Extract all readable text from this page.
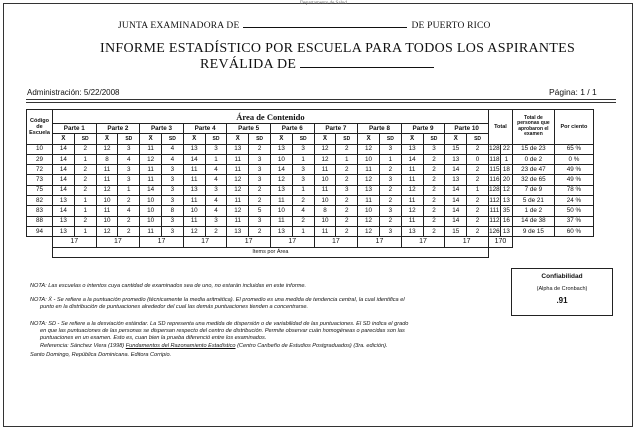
Departamento de Salud
JUNTA EXAMINADORA DE	DE PUERTO RICO
INFORME ESTADÍSTICO POR ESCUELA PARA TODOS LOS ASPIRANTES
REVÁLIDA DE
Administración: 5/22/2008	Página: 1 / 1
Código de Escuela	Área de Contenido																				Total		Total de personas que aprobaron el examen	Por ciento
	Parte 1		Parte 2		Parte 3		Parte 4		Parte 5		Parte 6		Parte 7		Parte 8		Parte 9		Parte 10					
	X̄	SD	X̄	SD	X̄	SD	X̄	SD	X̄	SD	X̄	SD	X̄	SD	X̄	SD	X̄	SD	X̄	SD				
10	14	2	12	3	11	4	13	3	13	2	13	3	12	2	12	3	13	3	15	2	128	22	15 de 23	65 %
29	14	1	8	4	12	4	14	1	11	3	10	1	12	1	10	1	14	2	13	0	118	1	0 de 2	0 %
72	14	2	11	3	11	3	11	4	11	3	14	3	11	2	11	2	11	2	14	2	115	18	23 de 47	49 %
73	14	2	11	3	11	3	11	4	12	3	12	3	10	2	12	3	11	2	13	2	116	20	32 de 65	49 %
75	14	2	12	1	14	3	13	3	12	2	13	1	11	3	13	2	12	2	14	1	128	12	7 de 9	78 %
82	13	1	10	2	10	3	11	4	11	2	11	2	10	2	11	2	11	2	14	2	112	13	5 de 21	24 %
83	14	1	11	4	10	8	10	4	12	5	10	4	8	2	10	3	12	2	14	2	111	35	1 de 2	50 %
88	13	2	10	2	10	3	11	3	11	3	11	2	10	2	12	2	11	2	14	2	112	16	14 de 38	37 %
94	13	1	12	2	11	3	12	2	13	2	13	1	11	2	12	3	13	2	15	2	126	13	9 de 15	60 %
	17		17		17		17		17		17		17		17		17		17		170			
	Items por Área																							
Confiabilidad
(Alpha de Cronbach)
.91
NOTA: Las escuelas o intentos cuya cantidad de examinados sea de uno, no estarán incluidas en este informe.
NOTA: X̄ - Se refiere a la puntuación promedio (técnicamente la media aritmética). El promedio es una medida de tendencia central, la cual identifica el
punto en la distribución de puntuaciones alrededor del cual las demás puntuaciones tienden a concentrarse.
NOTA: SD - Se refiere a la desviación estándar. La SD representa una medida de dispersión o de variabilidad de las puntuaciones. El SD indica el grado
en que las puntuaciones de las personas se dispersan respecto del centro de distribución. Permite observar cuán homogéneas o parecidas son las
puntuaciones en un examen. Esto es, cuan bien la prueba diferenció entre los examinados.
Referencia: Sánchez Viera (1998) Fundamentos del Razonamiento Estadístico (Centro Caribeño de Estudios Postgraduados) (3ra. edición).
Santo Domingo, República Dominicana. Editora Corripio.
